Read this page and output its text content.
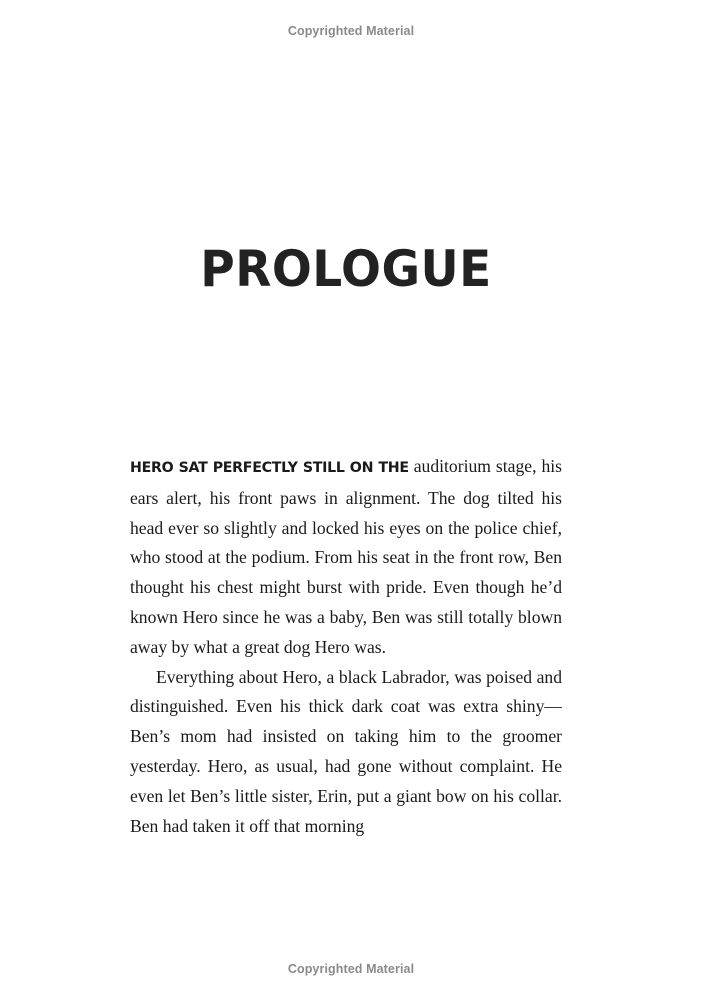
Copyrighted Material
PROLOGUE

HERO SAT PERFECTLY STILL ON THE auditorium stage, his ears alert, his front paws in alignment. The dog tilted his head ever so slightly and locked his eyes on the police chief, who stood at the podium. From his seat in the front row, Ben thought his chest might burst with pride. Even though he’d known Hero since he was a baby, Ben was still totally blown away by what a great dog Hero was.

Everything about Hero, a black Labrador, was poised and distinguished. Even his thick dark coat was extra shiny—Ben’s mom had insisted on taking him to the groomer yesterday. Hero, as usual, had gone without complaint. He even let Ben’s little sister, Erin, put a giant bow on his collar. Ben had taken it off that morning

Copyrighted Material
